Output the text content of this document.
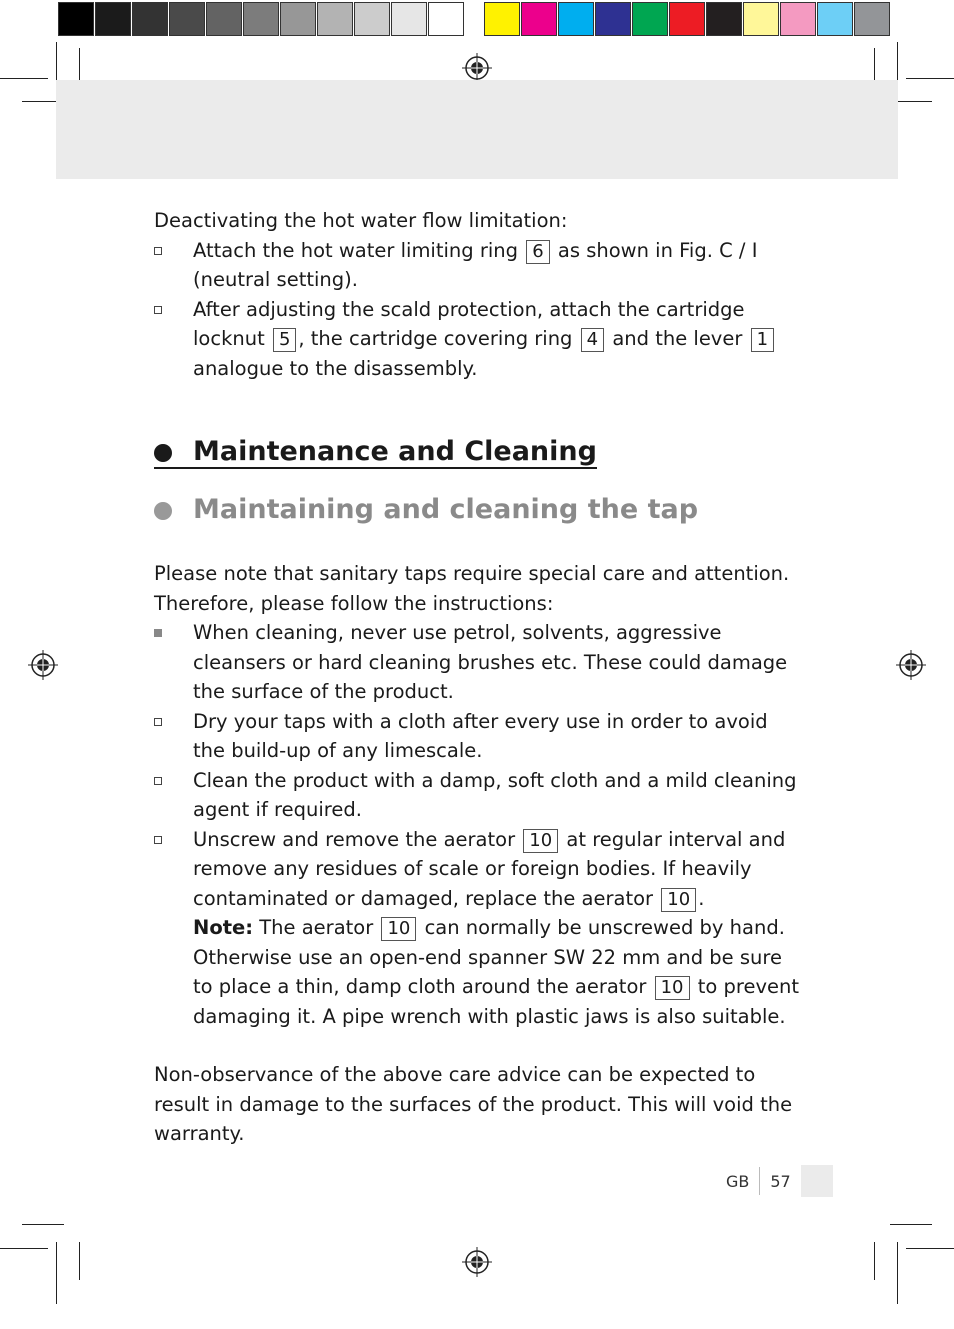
Deactivating the hot water flow limitation:

Attach the hot water limiting ring 6 as shown in Fig. C / I (neutral setting).
After adjusting the scald protection, attach the cartridge locknut 5 , the cartridge covering ring 4 and the lever 1 analogue to the disassembly.
Maintenance and Cleaning
Maintaining and cleaning the tap

Please note that sanitary taps require special care and attention.

Therefore, please follow the instructions:

When cleaning, never use petrol, solvents, aggressive cleansers or hard cleaning brushes etc. These could damage the surface of the product.
Dry your taps with a cloth after every use in order to avoid the build-up of any limescale.
Clean the product with a damp, soft cloth and a mild cleaning agent if required.
Unscrew and remove the aerator 10 at regular interval and remove any residues of scale or foreign bodies. If heavily contaminated or damaged, replace the aerator 10 .
Note: The aerator 10 can normally be unscrewed by hand. Otherwise use an open-end spanner SW 22 mm and be sure to place a thin, damp cloth around the aerator 10 to prevent damaging it. A pipe wrench with plastic jaws is also suitable.

Non-observance of the above care advice can be expected to result in damage to the surfaces of the product. This will void the warranty.

GB 57
